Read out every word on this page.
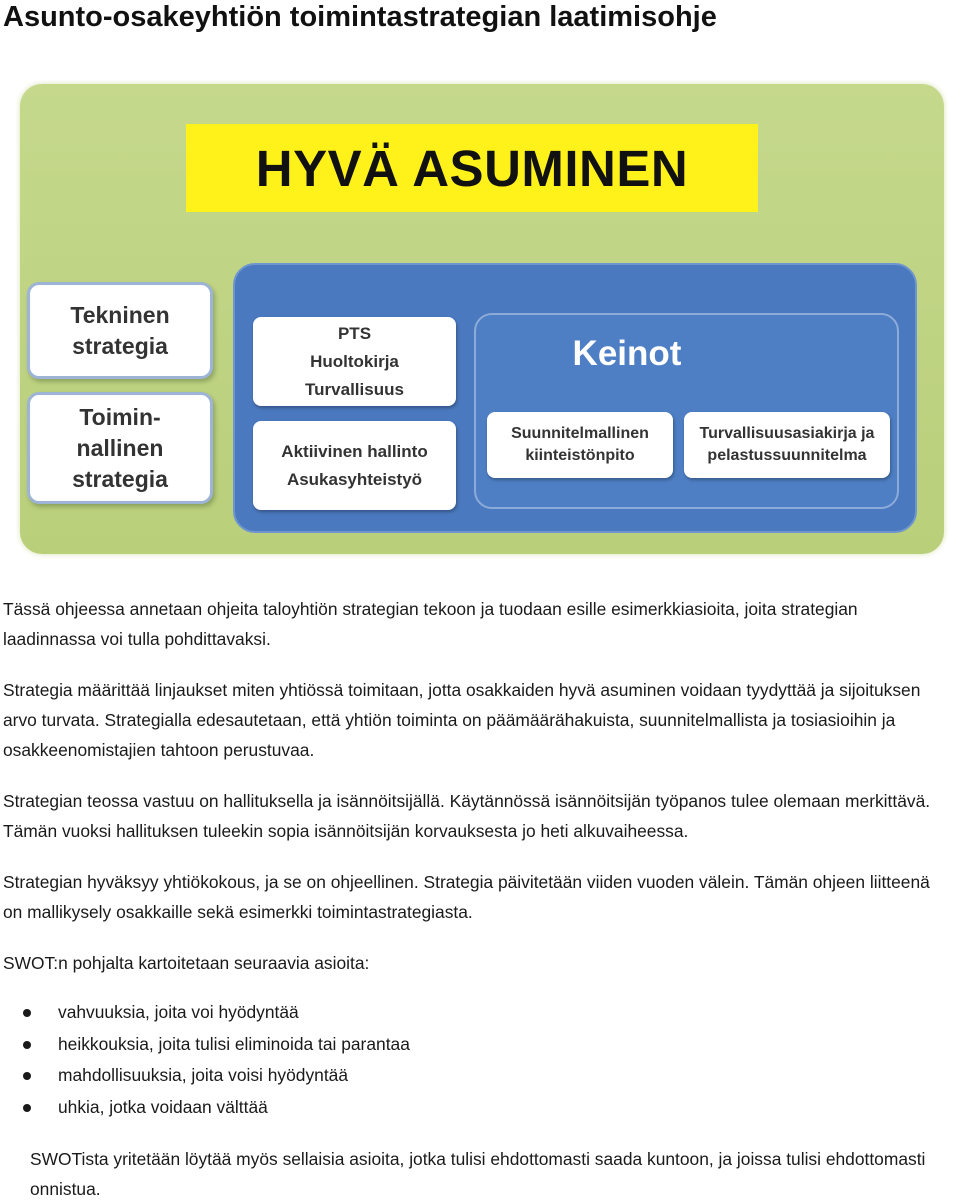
Asunto-osakeyhtiön toimintastrategian laatimisohje
HYVÄ ASUMINEN
Tekninen strategia
Toimin-nallinen strategia
PTS
Huoltokirja
Turvallisuus
Aktiivinen hallinto
Asukasyhteistyö
Keinot
Suunnitelmallinen kiinteistönpito
Turvallisuusasiakirja ja pelastussuunnitelma

Tässä ohjeessa annetaan ohjeita taloyhtiön strategian tekoon ja tuodaan esille esimerkkiasioita, joita strategian laadinnassa voi tulla pohdittavaksi.

Strategia määrittää linjaukset miten yhtiössä toimitaan, jotta osakkaiden hyvä asuminen voidaan tyydyttää ja sijoituksen arvo turvata. Strategialla edesautetaan, että yhtiön toiminta on päämäärähakuista, suunnitelmallista ja tosiasioihin ja osakkeenomistajien tahtoon perustuvaa.

Strategian teossa vastuu on hallituksella ja isännöitsijällä. Käytännössä isännöitsijän työpanos tulee olemaan merkittävä. Tämän vuoksi hallituksen tuleekin sopia isännöitsijän korvauksesta jo heti alkuvaiheessa.

Strategian hyväksyy yhtiökokous, ja se on ohjeellinen. Strategia päivitetään viiden vuoden välein. Tämän ohjeen liitteenä on mallikysely osakkaille sekä esimerkki toimintastrategiasta.

SWOT:n pohjalta kartoitetaan seuraavia asioita:

vahvuuksia, joita voi hyödyntää
heikkouksia, joita tulisi eliminoida tai parantaa
mahdollisuuksia, joita voisi hyödyntää
uhkia, jotka voidaan välttää

SWOTista yritetään löytää myös sellaisia asioita, jotka tulisi ehdottomasti saada kuntoon, ja joissa tulisi ehdottomasti onnistua.
